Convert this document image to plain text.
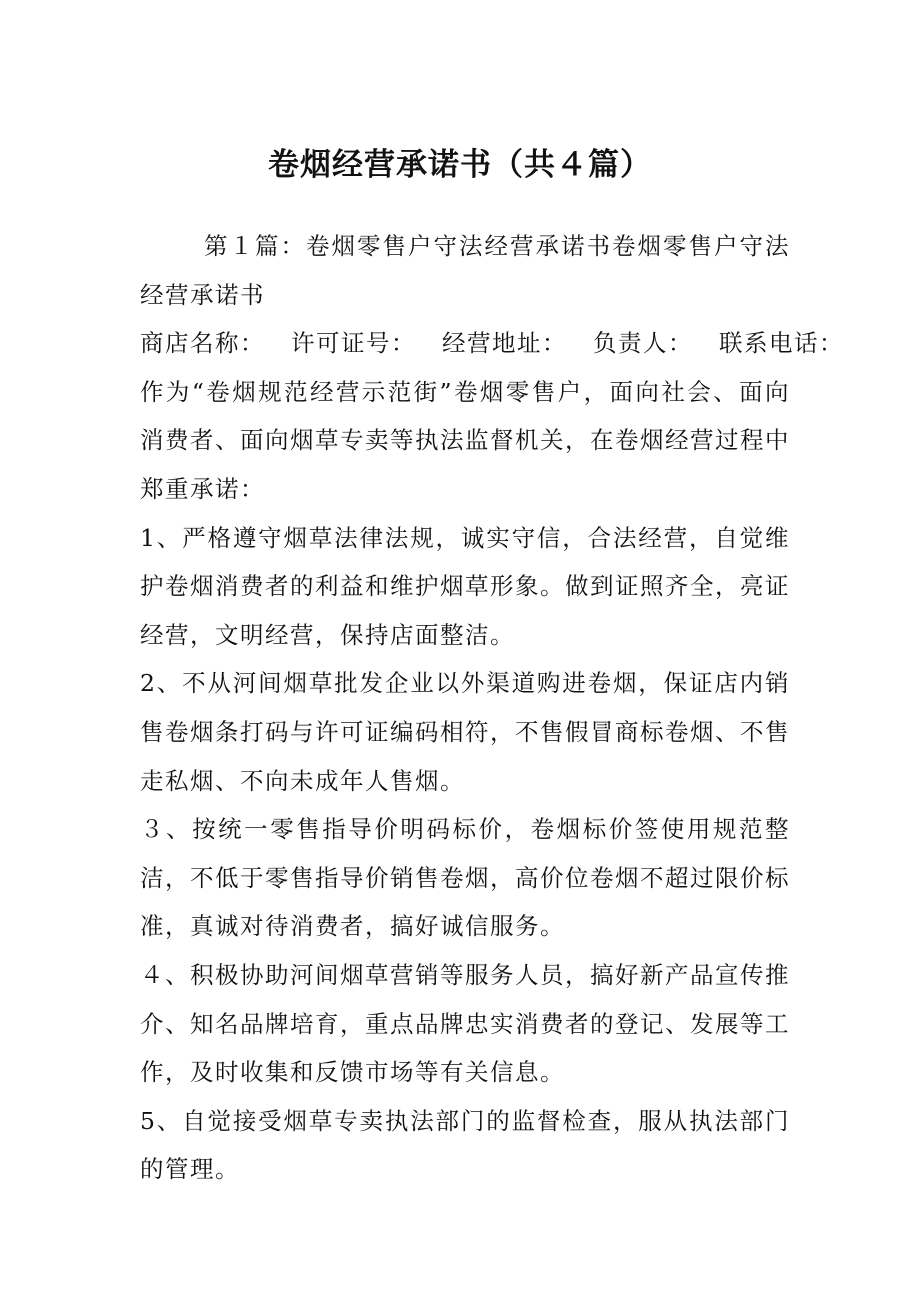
卷烟经营承诺书（共４篇）

第１篇：卷烟零售户守法经营承诺书卷烟零售户守法经营承诺书

商店名称： 许可证号： 经营地址： 负责人： 联系电话：

作为“卷烟规范经营示范街”卷烟零售户，面向社会、面向消费者、面向烟草专卖等执法监督机关，在卷烟经营过程中郑重承诺：

1、严格遵守烟草法律法规，诚实守信，合法经营，自觉维护卷烟消费者的利益和维护烟草形象。做到证照齐全，亮证经营，文明经营，保持店面整洁。

2、不从河间烟草批发企业以外渠道购进卷烟，保证店内销售卷烟条打码与许可证编码相符，不售假冒商标卷烟、不售走私烟、不向未成年人售烟。

３、按统一零售指导价明码标价，卷烟标价签使用规范整洁，不低于零售指导价销售卷烟，高价位卷烟不超过限价标准，真诚对待消费者，搞好诚信服务。

４、积极协助河间烟草营销等服务人员，搞好新产品宣传推介、知名品牌培育，重点品牌忠实消费者的登记、发展等工作，及时收集和反馈市场等有关信息。

5、自觉接受烟草专卖执法部门的监督检查，服从执法部门的管理。
